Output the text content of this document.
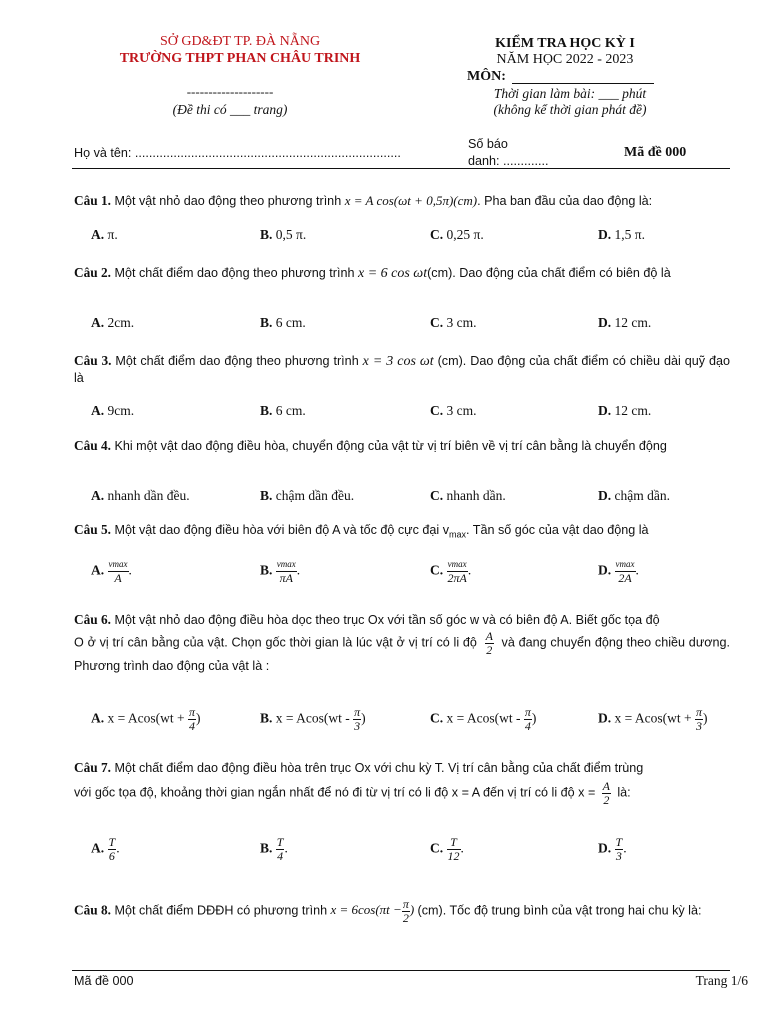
SỞ GD&ĐT TP. ĐÀ NẴNG
TRƯỜNG THPT PHAN CHÂU TRINH
--------------------
(Đề thi có ___ trang)
KIỂM TRA HỌC KỲ I
NĂM HỌC 2022 - 2023
MÔN:
Thời gian làm bài: ___ phút
(không kể thời gian phát đề)
Họ và tên: ............................................................................
Số báo
danh: .............
Mã đề 000
Câu 1. Một vật nhỏ dao động theo phương trình x = A cos(ωt + 0,5π)(cm). Pha ban đầu của dao động là:
A. π.	B. 0,5 π.	C. 0,25 π.	D. 1,5 π.
Câu 2. Một chất điểm dao động theo phương trình x = 6 cos ωt(cm). Dao động của chất điểm có biên độ là
A. 2cm.	B. 6 cm.	C. 3 cm.	D. 12 cm.
Câu 3. Một chất điểm dao động theo phương trình x = 3 cos ωt (cm). Dao động của chất điểm có chiều dài quỹ đạo là
A. 9cm.	B. 6 cm.	C. 3 cm.	D. 12 cm.
Câu 4. Khi một vật dao động điều hòa, chuyển động của vật từ vị trí biên về vị trí cân bằng là chuyển động
A. nhanh dần đều.	B. chậm dần đều.	C. nhanh dần.	D. chậm dần.
Câu 5. Một vật dao động điều hòa với biên độ A và tốc độ cực đại $v_{max}$. Tần số góc của vật dao động là
A. $\frac{vmax}{A}$ .	B. $\frac{vmax}{\pi A}$ .	C. $\frac{vmax}{2\pi A}$ .	D. $\frac{vmax}{2A}$ .
Câu 6. Một vật nhỏ dao động điều hòa dọc theo trục Ox với tần số góc w và có biên độ A. Biết gốc tọa độ
O ở vị trí cân bằng của vật. Chọn gốc thời gian là lúc vật ở vị trí có li độ $\frac{A}{2}$ và đang chuyển động theo chiều dương. Phương trình dao động của vật là :
A. $x = Acos(wt + \frac{\pi}{4}$ )	B. $x = Acos(wt - \frac{\pi}{3}$ )	C. $x = Acos(wt - \frac{\pi}{4}$ )	D. $x = Acos(wt + \frac{\pi}{3}$ )
Câu 7. Một chất điểm dao động điều hòa trên trục Ox với chu kỳ T. Vị trí cân bằng của chất điểm trùng
với gốc tọa độ, khoảng thời gian ngắn nhất để nó đi từ vị trí có li độ x = A đến vị trí có li độ $x = \frac{A}{2}$ là:
A. $\frac{T}{6}$ .	B. $\frac{T}{4}$ .	C. $\frac{T}{12}$ .	D. $\frac{T}{3}$ .
Câu 8. Một chất điểm DĐĐH có phương trình $x = 6\cos(\pi t - \frac{\pi}{2}$ ) (cm). Tốc độ trung bình của vật trong hai chu kỳ là:
Mã đề 000	Trang 1/6
